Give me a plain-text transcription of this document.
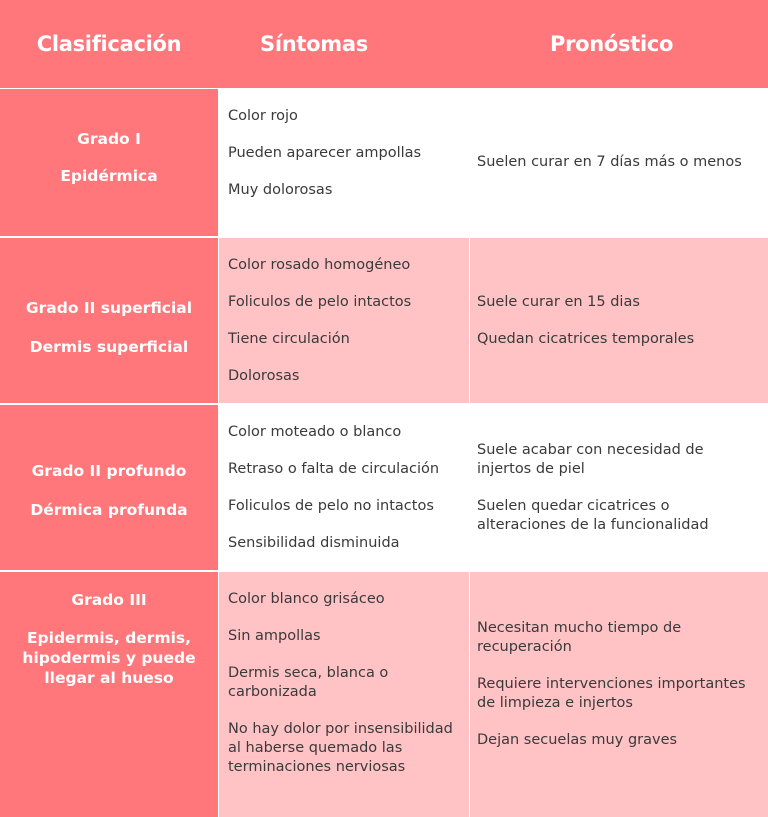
Clasificación	Síntomas	Pronóstico
Grado I
Epidérmica
Color rojo
Pueden aparecer ampollas
Muy dolorosas
Suelen curar en 7 días más o menos
Grado II superficial
Dermis superficial
Color rosado homogéneo
Foliculos de pelo intactos
Tiene circulación
Dolorosas
Suele curar en 15 dias
Quedan cicatrices temporales
Grado II profundo
Dérmica profunda
Color moteado o blanco
Retraso o falta de circulación
Foliculos de pelo no intactos
Sensibilidad disminuida
Suele acabar con necesidad de injertos de piel
Suelen quedar cicatrices o alteraciones de la funcionalidad
Grado III
Epidermis, dermis, hipodermis y puede llegar al hueso
Color blanco grisáceo
Sin ampollas
Dermis seca, blanca o carbonizada
No hay dolor por insensibilidad al haberse quemado las terminaciones nerviosas
Necesitan mucho tiempo de recuperación
Requiere intervenciones importantes de limpieza e injertos
Dejan secuelas muy graves
